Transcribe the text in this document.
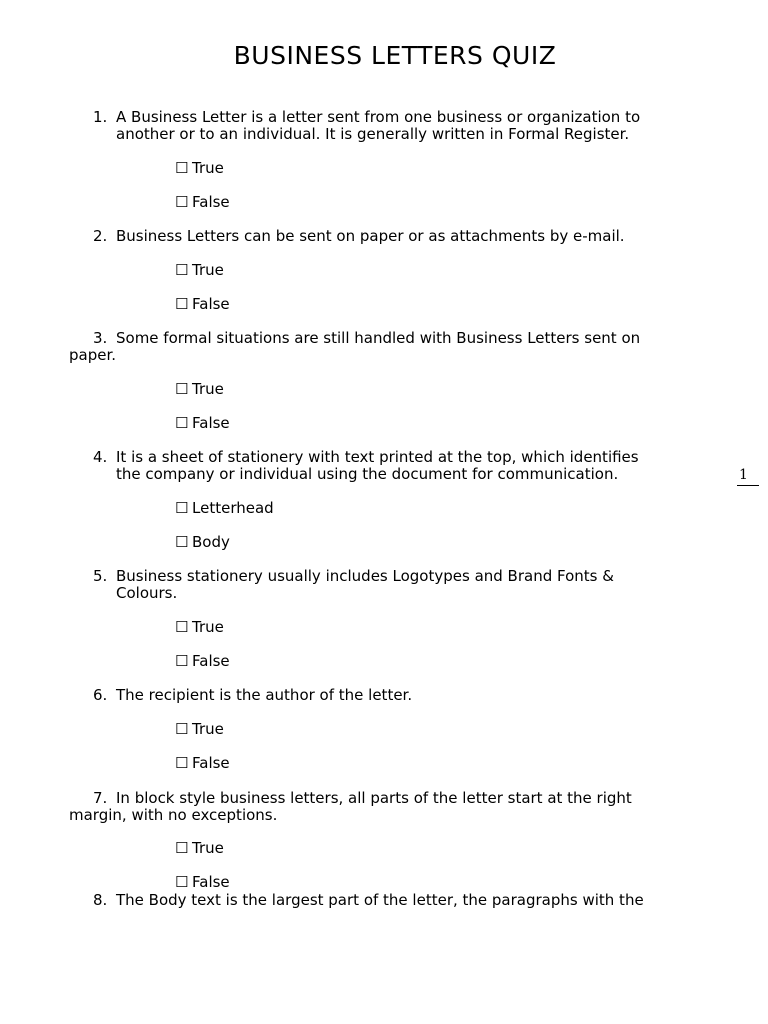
BUSINESS LETTERS QUIZ
1. A Business Letter is a letter sent from one business or organization to
another or to an individual. It is generally written in Formal Register.
☐ True
☐ False
2. Business Letters can be sent on paper or as attachments by e-mail.
☐ True
☐ False
3. Some formal situations are still handled with Business Letters sent on
paper.
☐ True
☐ False
4. It is a sheet of stationery with text printed at the top, which identifies
the company or individual using the document for communication.
☐ Letterhead
☐ Body
5. Business stationery usually includes Logotypes and Brand Fonts &
Colours.
☐ True
☐ False
6. The recipient is the author of the letter.
☐ True
☐ False
7. In block style business letters, all parts of the letter start at the right
margin, with no exceptions.
☐ True
☐ False
8. The Body text is the largest part of the letter, the paragraphs with the
1
